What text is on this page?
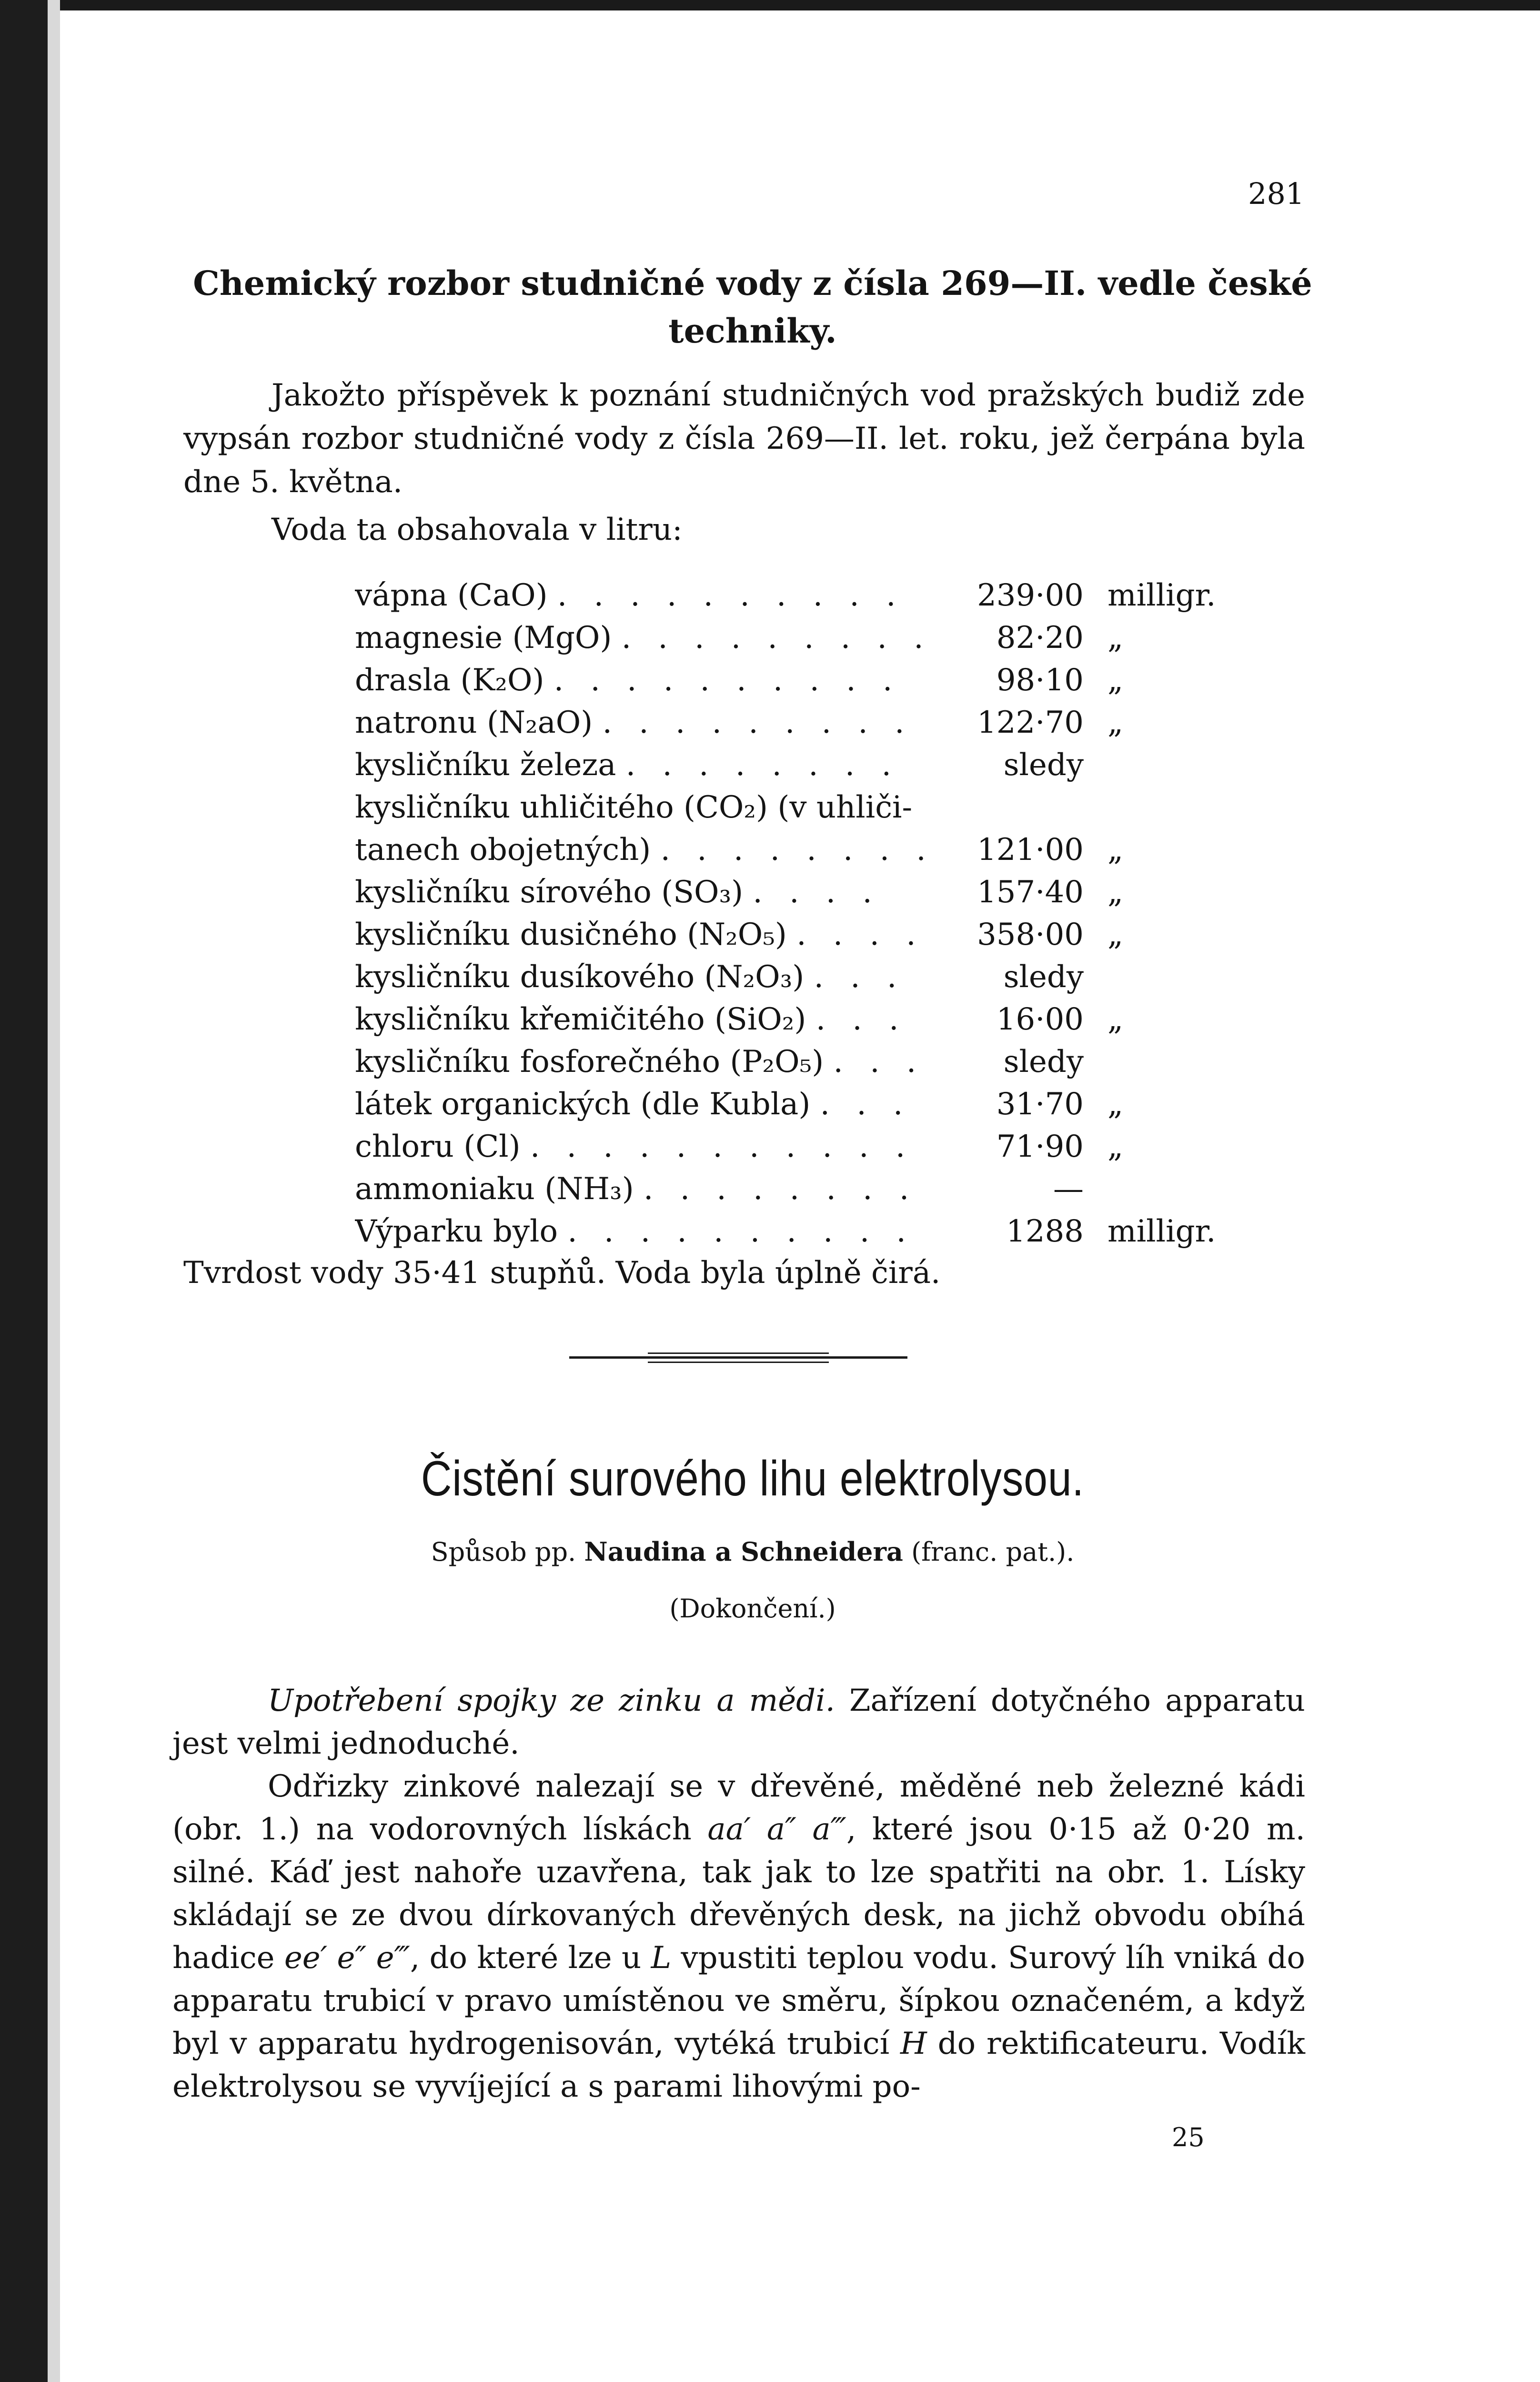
281
Chemický rozbor studničné vody z čísla 269—II. vedle české techniky.
Jakožto příspěvek k poznání studničných vod pražských budiž zde vypsán rozbor studničné vody z čísla 269—II. let. roku, jež čerpána byla dne 5. května.
Voda ta obsahovala v litru:
vápna (CaO) . . . . . . . . . .	239·00	milligr.
magnesie (MgO) . . . . . . . . .	82·20	„
drasla (K₂O) . . . . . . . . . .	98·10	„
natronu (N₂aO) . . . . . . . . .	122·70	„
kysličníku železa . . . . . . . .	sledy	
kysličníku uhličitého (CO₂) (v uhliči-		
tanech obojetných) . . . . . . . .	121·00	„
kysličníku sírového (SO₃) . . . .	157·40	„
kysličníku dusičného (N₂O₅) . . . .	358·00	„
kysličníku dusíkového (N₂O₃) . . .	sledy	
kysličníku křemičitého (SiO₂) . . .	16·00	„
kysličníku fosforečného (P₂O₅) . . .	sledy	
látek organických (dle Kubla) . . .	31·70	„
chloru (Cl) . . . . . . . . . . .	71·90	„
ammoniaku (NH₃) . . . . . . . .	—	
Výparku bylo . . . . . . . . . .	1288	milligr.
Tvrdost vody 35·41 stupňů. Voda byla úplně čirá.
Čistění surového lihu elektrolysou.
Spůsob pp. Naudina a Schneidera (franc. pat.).
(Dokončení.)

Upotřebení spojky ze zinku a mědi. Zařízení dotyčného apparatu jest velmi jednoduché.

Odřizky zinkové nalezají se v dřevěné, měděné neb železné kádi (obr. 1.) na vodorovných lískách aa′ a″ a‴, které jsou 0·15 až 0·20 m. silné. Káď jest nahoře uzavřena, tak jak to lze spatřiti na obr. 1. Lísky skládají se ze dvou dírkovaných dřevěných desk, na jichž obvodu obíhá hadice ee′ e″ e‴, do které lze u L vpustiti teplou vodu. Surový líh vniká do apparatu trubicí v pravo umístěnou ve směru, šípkou označeném, a když byl v apparatu hydrogenisován, vytéká trubicí H do rektificateuru. Vodík elektrolysou se vyvíjející a s parami lihovými po-

25
